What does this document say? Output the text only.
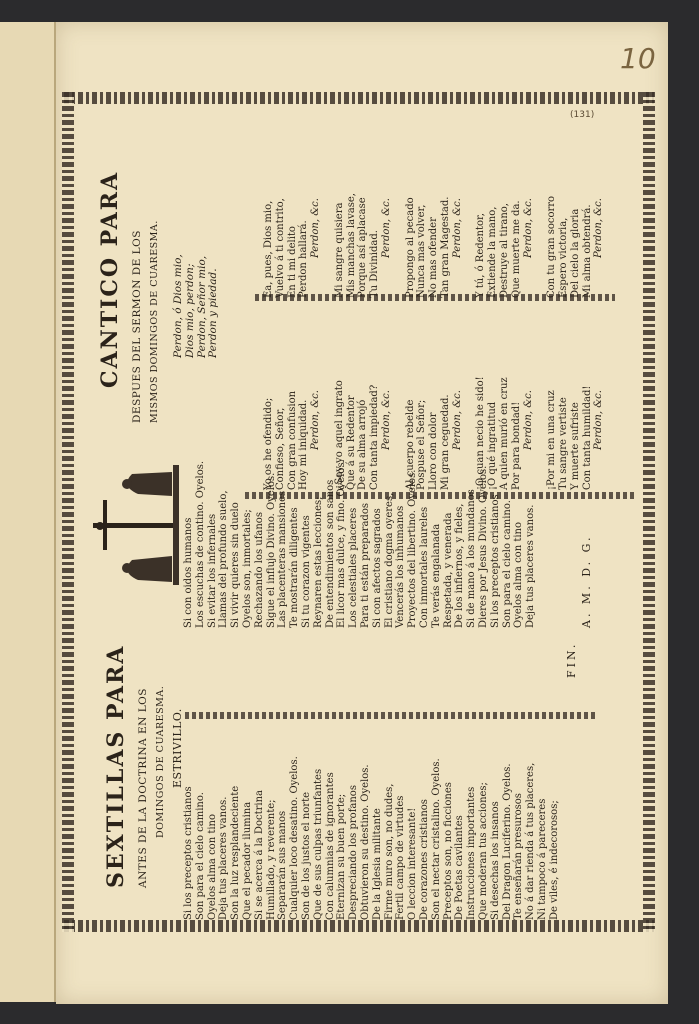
10
(131)
SEXTILLAS PARA ANTES DE LA DOCTRINA EN LOS DOMINGOS DE CUARESMA. ESTRIVILLO.
Si los preceptos cristianos Son para el cielo camino. Oyelos alma con tino Deja tus placeres vanos. Son la luz resplandeciente Que el pecador ilumina Si se acerca á la Doctrina Humillado, y reverente; Separarán sus manos Cualquier loco desatino. Oyelos. Son de los justos el norte Que de sus culpas triunfantes Con calumnias de ignorantes Eternizan su buen porte; Despreciando los profanos Obtuvieron su destino. Oyelos. De la Iglesia militante Firme muro son, no dudes, Fertil campo de virtudes O leccion interesante! De corazones cristianos Son el nectar cristalino. Oyelos. Preceptos son, no ficciones De Poetas cavilantes Instrucciones importantes Que moderan tus acciones; Si desechas los insanos Del Dragon Luciferino. Oyelos. Te enseñarán presurosos No á dar rienda á tus placeres, Ni tampoco á pareceres De viles, é indecorosos;
Si con oidos humanos Los escuchas de contino. Oyelos. Si evitar los infernales Llamas del profundo suelo, Si vivir quieres sin duelo Oyelos son, inmortales; Rechazando los ufanos Sigue el influjo Divino. Oyelos. Las placenteras mansiones Te mostrarán diligentes Si tu corazon vigentes Reynaren estas lecciones; De entendimientos son sanos El licor mas dulce, y fino. Oyelos. Los celestiales placeres Para ti están preparados Si con afectos sagrados El cristiano dogma oyeres, Vencerás los inhumanos Proyectos del libertino. Oyelos. Con inmortales laureles Te verás engalanada Respetada, y venerada De los infiernos, y fieles, Si de mano á los mundanos Dieres por Jesus Divino. Oyelos. Si los preceptos cristianos Son para el cielo camino. Oyelos alma con tino Deja tus placeres vanos.
FIN.
A. M. D. G.
CANTICO PARA DESPUES DEL SERMON DE LOS MISMOS DOMINGOS DE CUARESMA. Perdon, ó Dios mio, Dios mio, perdon; Perdon, Señor mio, Perdon y piedad.
Yo os he ofendido; Confieso, Señor, Con gran confusion Hoy mi iniquidad. Perdon, &c.
¿Soy yo aquel ingrato Que á su Redentor De su alma arrojó Con tanta impiedad? Perdon, &c.
Al cuerpo rebelde Pospuse el Señor; Lloro con dolor Mi gran ceguedad. Perdon, &c.
¡O cuan necio he sido! ¡O qué ingratitud A quien murió en cruz Por para bondad! Perdon, &c.
¡Por mi en una cruz Tu sangre vertiste Y muerte sufriste Con tanta humildad! Perdon, &c.
Ea, pues, Dios mio, Vuelvo á ti contrito, En ti mi delito Perdon hallará. Perdon, &c.
Mi sangre quisiera Mis manchas lavase, Porque así aplacase Tu Divinidad.
Perdon, &c.
Propongo al pecado Nunca mas volver, No mas ofender Tan gran Magestad. Perdon, &c.
Y tú, ó Redentor, Extiende la mano, Destruye al tirano, Que muerte me da. Perdon, &c.
Con tu gran socorro Espero victoria, Del cielo la gloria Mi alma obtendrá. Perdon, &c.
